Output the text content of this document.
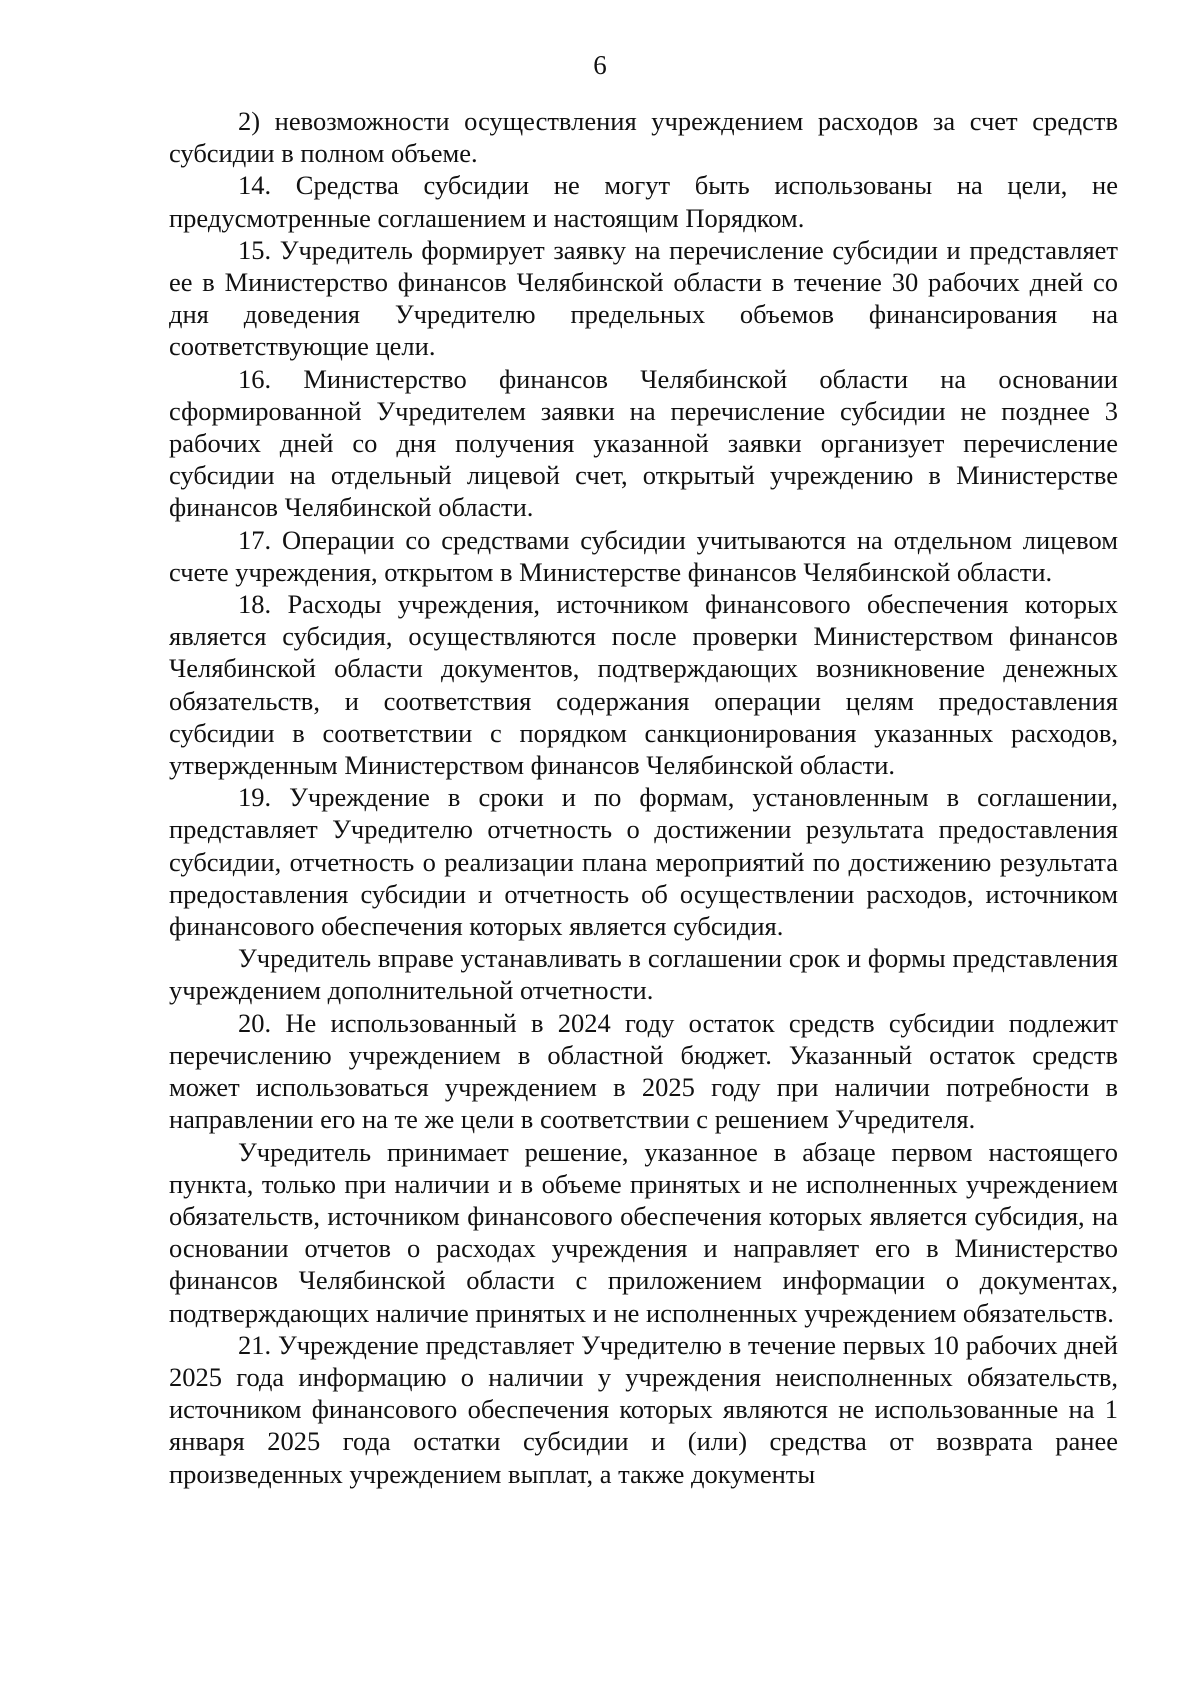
6

2) невозможности осуществления учреждением расходов за счет средств субсидии в полном объеме.

14. Средства субсидии не могут быть использованы на цели, не предусмотренные соглашением и настоящим Порядком.

15. Учредитель формирует заявку на перечисление субсидии и представляет ее в Министерство финансов Челябинской области в течение 30 рабочих дней со дня доведения Учредителю предельных объемов финансирования на соответствующие цели.

16. Министерство финансов Челябинской области на основании сформированной Учредителем заявки на перечисление субсидии не позднее 3 рабочих дней со дня получения указанной заявки организует перечисление субсидии на отдельный лицевой счет, открытый учреждению в Министерстве финансов Челябинской области.

17. Операции со средствами субсидии учитываются на отдельном лицевом счете учреждения, открытом в Министерстве финансов Челябинской области.

18. Расходы учреждения, источником финансового обеспечения которых является субсидия, осуществляются после проверки Министерством финансов Челябинской области документов, подтверждающих возникновение денежных обязательств, и соответствия содержания операции целям предоставления субсидии в соответствии с порядком санкционирования указанных расходов, утвержденным Министерством финансов Челябинской области.

19. Учреждение в сроки и по формам, установленным в соглашении, представляет Учредителю отчетность о достижении результата предоставления субсидии, отчетность о реализации плана мероприятий по достижению результата предоставления субсидии и отчетность об осуществлении расходов, источником финансового обеспечения которых является субсидия.

Учредитель вправе устанавливать в соглашении срок и формы представления учреждением дополнительной отчетности.

20. Не использованный в 2024 году остаток средств субсидии подлежит перечислению учреждением в областной бюджет. Указанный остаток средств может использоваться учреждением в 2025 году при наличии потребности в направлении его на те же цели в соответствии с решением Учредителя.

Учредитель принимает решение, указанное в абзаце первом настоящего пункта, только при наличии и в объеме принятых и не исполненных учреждением обязательств, источником финансового обеспечения которых является субсидия, на основании отчетов о расходах учреждения и направляет его в Министерство финансов Челябинской области с приложением информации о документах, подтверждающих наличие принятых и не исполненных учреждением обязательств.

21. Учреждение представляет Учредителю в течение первых 10 рабочих дней 2025 года информацию о наличии у учреждения неисполненных обязательств, источником финансового обеспечения которых являются не использованные на 1 января 2025 года остатки субсидии и (или) средства от возврата ранее произведенных учреждением выплат, а также документы
